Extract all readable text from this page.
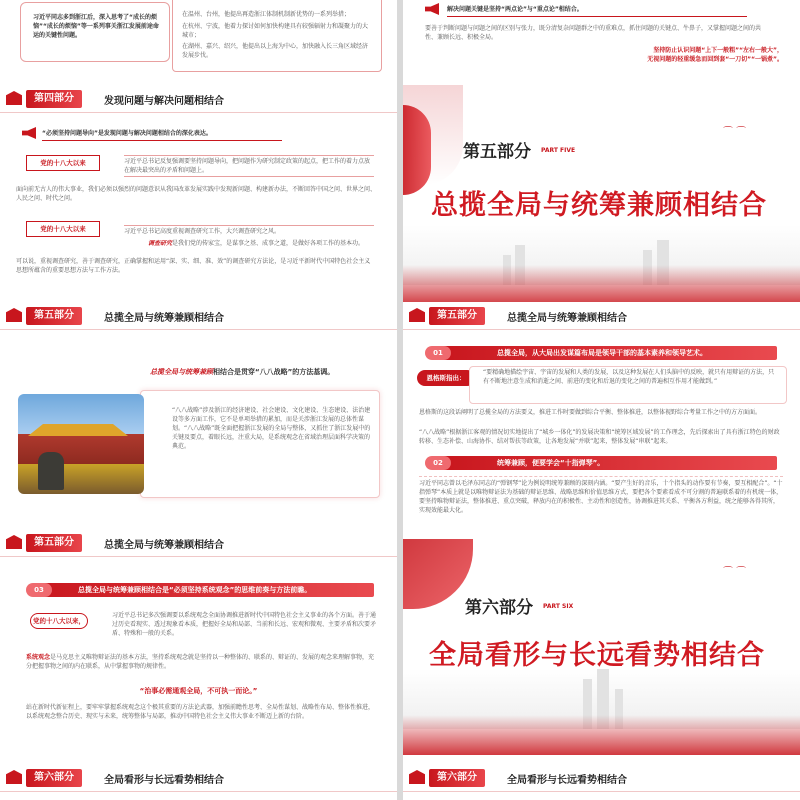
习近平同志多到浙江后，深入思考了“成长的烦恼”“成长的烦恼”等一系列事关浙江发展前途命运的关键性问题。
在温州、台州，他提出再造浙江体制机制新优势的一系列举措；
在杭州、宁波，他着力探讨如何加快构建具有较强辐射力和凝聚力的大城市；
在湖州、嘉兴、绍兴，他提出以上海为中心，加快融入长三角区域经济发展步伐。
解决问题关键是坚持“两点论”与“重点论”相结合。
要善于判断问题与问题之间的区别与张力，既分清复杂问题群之中的重难点，抓住问题的关键点、牛鼻子，又掌握问题之间的共性、兼顾长远、积极全局。
坚持防止认识问题“上下一般粗”“左右一般大”，
无视问题的轻重缓急而回到套“一刀切”“一锅煮”。
第四部分	发现问题与解决问题相结合
“必须坚持问题导向”是发现问题与解决问题相结合的深化表达。
党的十八大以来	习近平总书记反复强调要坚持问题导向，把问题作为研究制定政策的起点，把工作的着力点放在解决最突出的矛盾和问题上。
面向前无古人的伟大事业，我们必须以强烈的问题意识从我国改革发展实践中发现新问题、构建新办法，不断回答中国之问、世界之问、人民之问、时代之问。
党的十八大以来	习近平总书记高度重视调查研究工作，大兴调查研究之风。
调查研究是我们党的传家宝，是谋事之基、成事之道，是做好各项工作的基本功。
可以说，重视调查研究，善于调查研究，正确掌握和运用“深、实、细、准、效”的调查研究方法论，是习近平新时代中国特色社会主义思想所蕴含的重要思想方法与工作方法。
⌒ ⌒
第五部分 PART FIVE
总揽全局与统筹兼顾相结合
第五部分	总揽全局与统筹兼顾相结合
总揽全局与统筹兼顾相结合是贯穿“八八战略”的方法基调。
“八八战略”涉及浙江的经济建设、社会建设、文化建设、生态建设、法治建设等多方面工作，它不是单项举措的累加，而是关涉浙江发展的总体性谋划。“八八战略”既全面把握浙江发展的全局与整体，又抓住了浙江发展中的关键及要点，着眼长远，注重大局，是系统观念在省域治理层面科学决策的典范。
第五部分	总揽全局与统筹兼顾相结合
总揽全局，从大局出发谋篇布局是领导干部的基本素养和领导艺术。
01
恩格斯指出：
“要精确地描绘宇宙、宇宙的发展和人类的发展，以及这种发展在人们头脑中的反映，就只有用辩证的方法，只有不断地注意生成和消逝之间、前进的变化和后退的变化之间的普遍相互作用才能做到。”
恩格斯的这段话阐明了总揽全局的方法要义，推进工作时要做到综合平衡、整体推进，以整体视野综合考量工作之中的方方面面。
“八八战略”根据浙江客观的情况切实地提出了“城乡一体化”的发展决策和“统筹区域发展”的工作理念，先后探索出了具有浙江特色的财政转移、生态补偿、山海协作、结对帮扶等政策，让各地发展“并联”起来，整体发展“串联”起来。
统筹兼顾，便要学会“十指弹琴”。
02
习近平同志曾以毛泽东同志的“弹钢琴”论为例说明统筹兼顾的深刻内涵。“要产生好的音乐，十个指头的动作要有节奏，要互相配合”。“十指弹琴”本质上就是以唯物辩证法为基础的辩证思维、战略思维和价值思维方式，要把各个要素看成不可分割的普遍联系着的有机统一体，要坚持唯物辩证法，整体推进、重点突破，释放内在的积极性、主动性和创造性，协调推进其关系、平衡各方利益，统之能够各得其所，实现效能最大化。
第五部分	总揽全局与统筹兼顾相结合
总揽全局与统筹兼顾相结合是“必须坚持系统观念”的思维前奏与方法前瞻。
03
党的十八大以来，
习近平总书记多次强调要以系统观念全面协调推进新时代中国特色社会主义事业的各个方面。善于通过历史看现实、透过现象看本质，把握好全局和局部、当前和长远、宏观和微观、主要矛盾和次要矛盾、特殊和一般的关系。
系统观念是马克思主义唯物辩证法的基本方法，坚持系统观念就是坚持以一种整体的、联系的、辩证的、发展的观念来理解事物，充分把握事物之间的内在联系，从中掌握事物的规律性。
“治事必需通观全局，不可执一而论。”
站在新时代新征程上，要牢牢掌握系统观念这个极其重要的方法论武器，加强前瞻性思考、全局性谋划、战略性布局、整体性推进，以系统观念整合历史、现实与未来，统筹整体与局部，推动中国特色社会主义伟大事业不断迈上新的台阶。
⌒ ⌒
第六部分 PART SIX
全局看形与长远看势相结合
第六部分	全局看形与长远看势相结合	第六部分	全局看形与长远看势相结合
